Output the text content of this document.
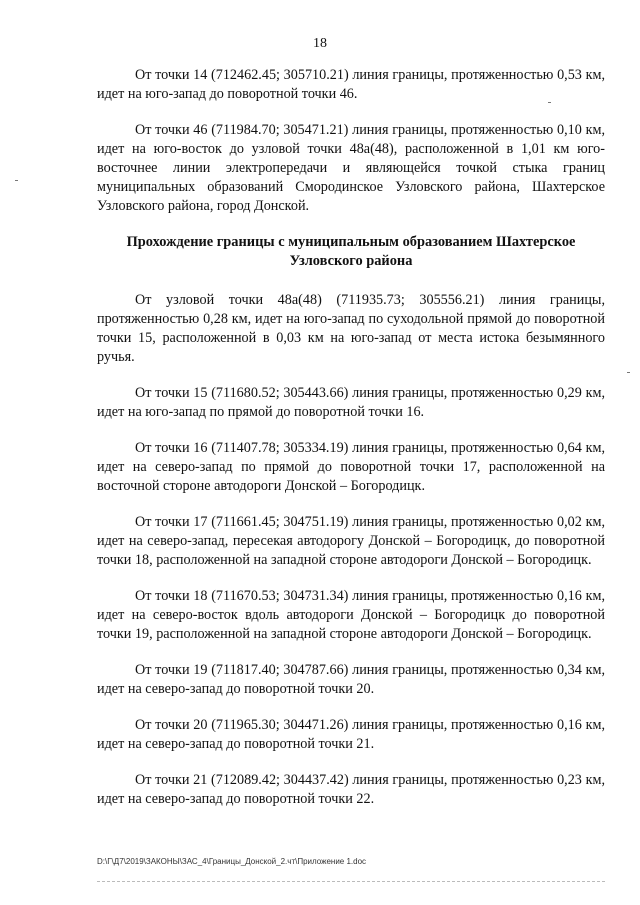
18

От точки 14 (712462.45; 305710.21) линия границы, протяженностью 0,53 км, идет на юго-запад до поворотной точки 46.

От точки 46 (711984.70; 305471.21) линия границы, протяженностью 0,10 км, идет на юго-восток до узловой точки 48а(48), расположенной в 1,01 км юго-восточнее линии электропередачи и являющейся точкой стыка границ муниципальных образований Смородинское Узловского района, Шахтерское Узловского района, город Донской.

Прохождение границы с муниципальным образованием Шахтерское Узловского района

От узловой точки 48а(48) (711935.73; 305556.21) линия границы, протяженностью 0,28 км, идет на юго-запад по суходольной прямой до поворотной точки 15, расположенной в 0,03 км на юго-запад от места истока безымянного ручья.

От точки 15 (711680.52; 305443.66) линия границы, протяженностью 0,29 км, идет на юго-запад по прямой до поворотной точки 16.

От точки 16 (711407.78; 305334.19) линия границы, протяженностью 0,64 км, идет на северо-запад по прямой до поворотной точки 17, расположенной на восточной стороне автодороги Донской – Богородицк.

От точки 17 (711661.45; 304751.19) линия границы, протяженностью 0,02 км, идет на северо-запад, пересекая автодорогу Донской – Богородицк, до поворотной точки 18, расположенной на западной стороне автодороги Донской – Богородицк.

От точки 18 (711670.53; 304731.34) линия границы, протяженностью 0,16 км, идет на северо-восток вдоль автодороги Донской – Богородицк до поворотной точки 19, расположенной на западной стороне автодороги Донской – Богородицк.

От точки 19 (711817.40; 304787.66) линия границы, протяженностью 0,34 км, идет на северо-запад до поворотной точки 20.

От точки 20 (711965.30; 304471.26) линия границы, протяженностью 0,16 км, идет на северо-запад до поворотной точки 21.

От точки 21 (712089.42; 304437.42) линия границы, протяженностью 0,23 км, идет на северо-запад до поворотной точки 22.

D:\Г\Д7\2019\ЗАКОНЫ\ЗАС_4\Границы_Донской_2.чт\Приложение 1.doc
